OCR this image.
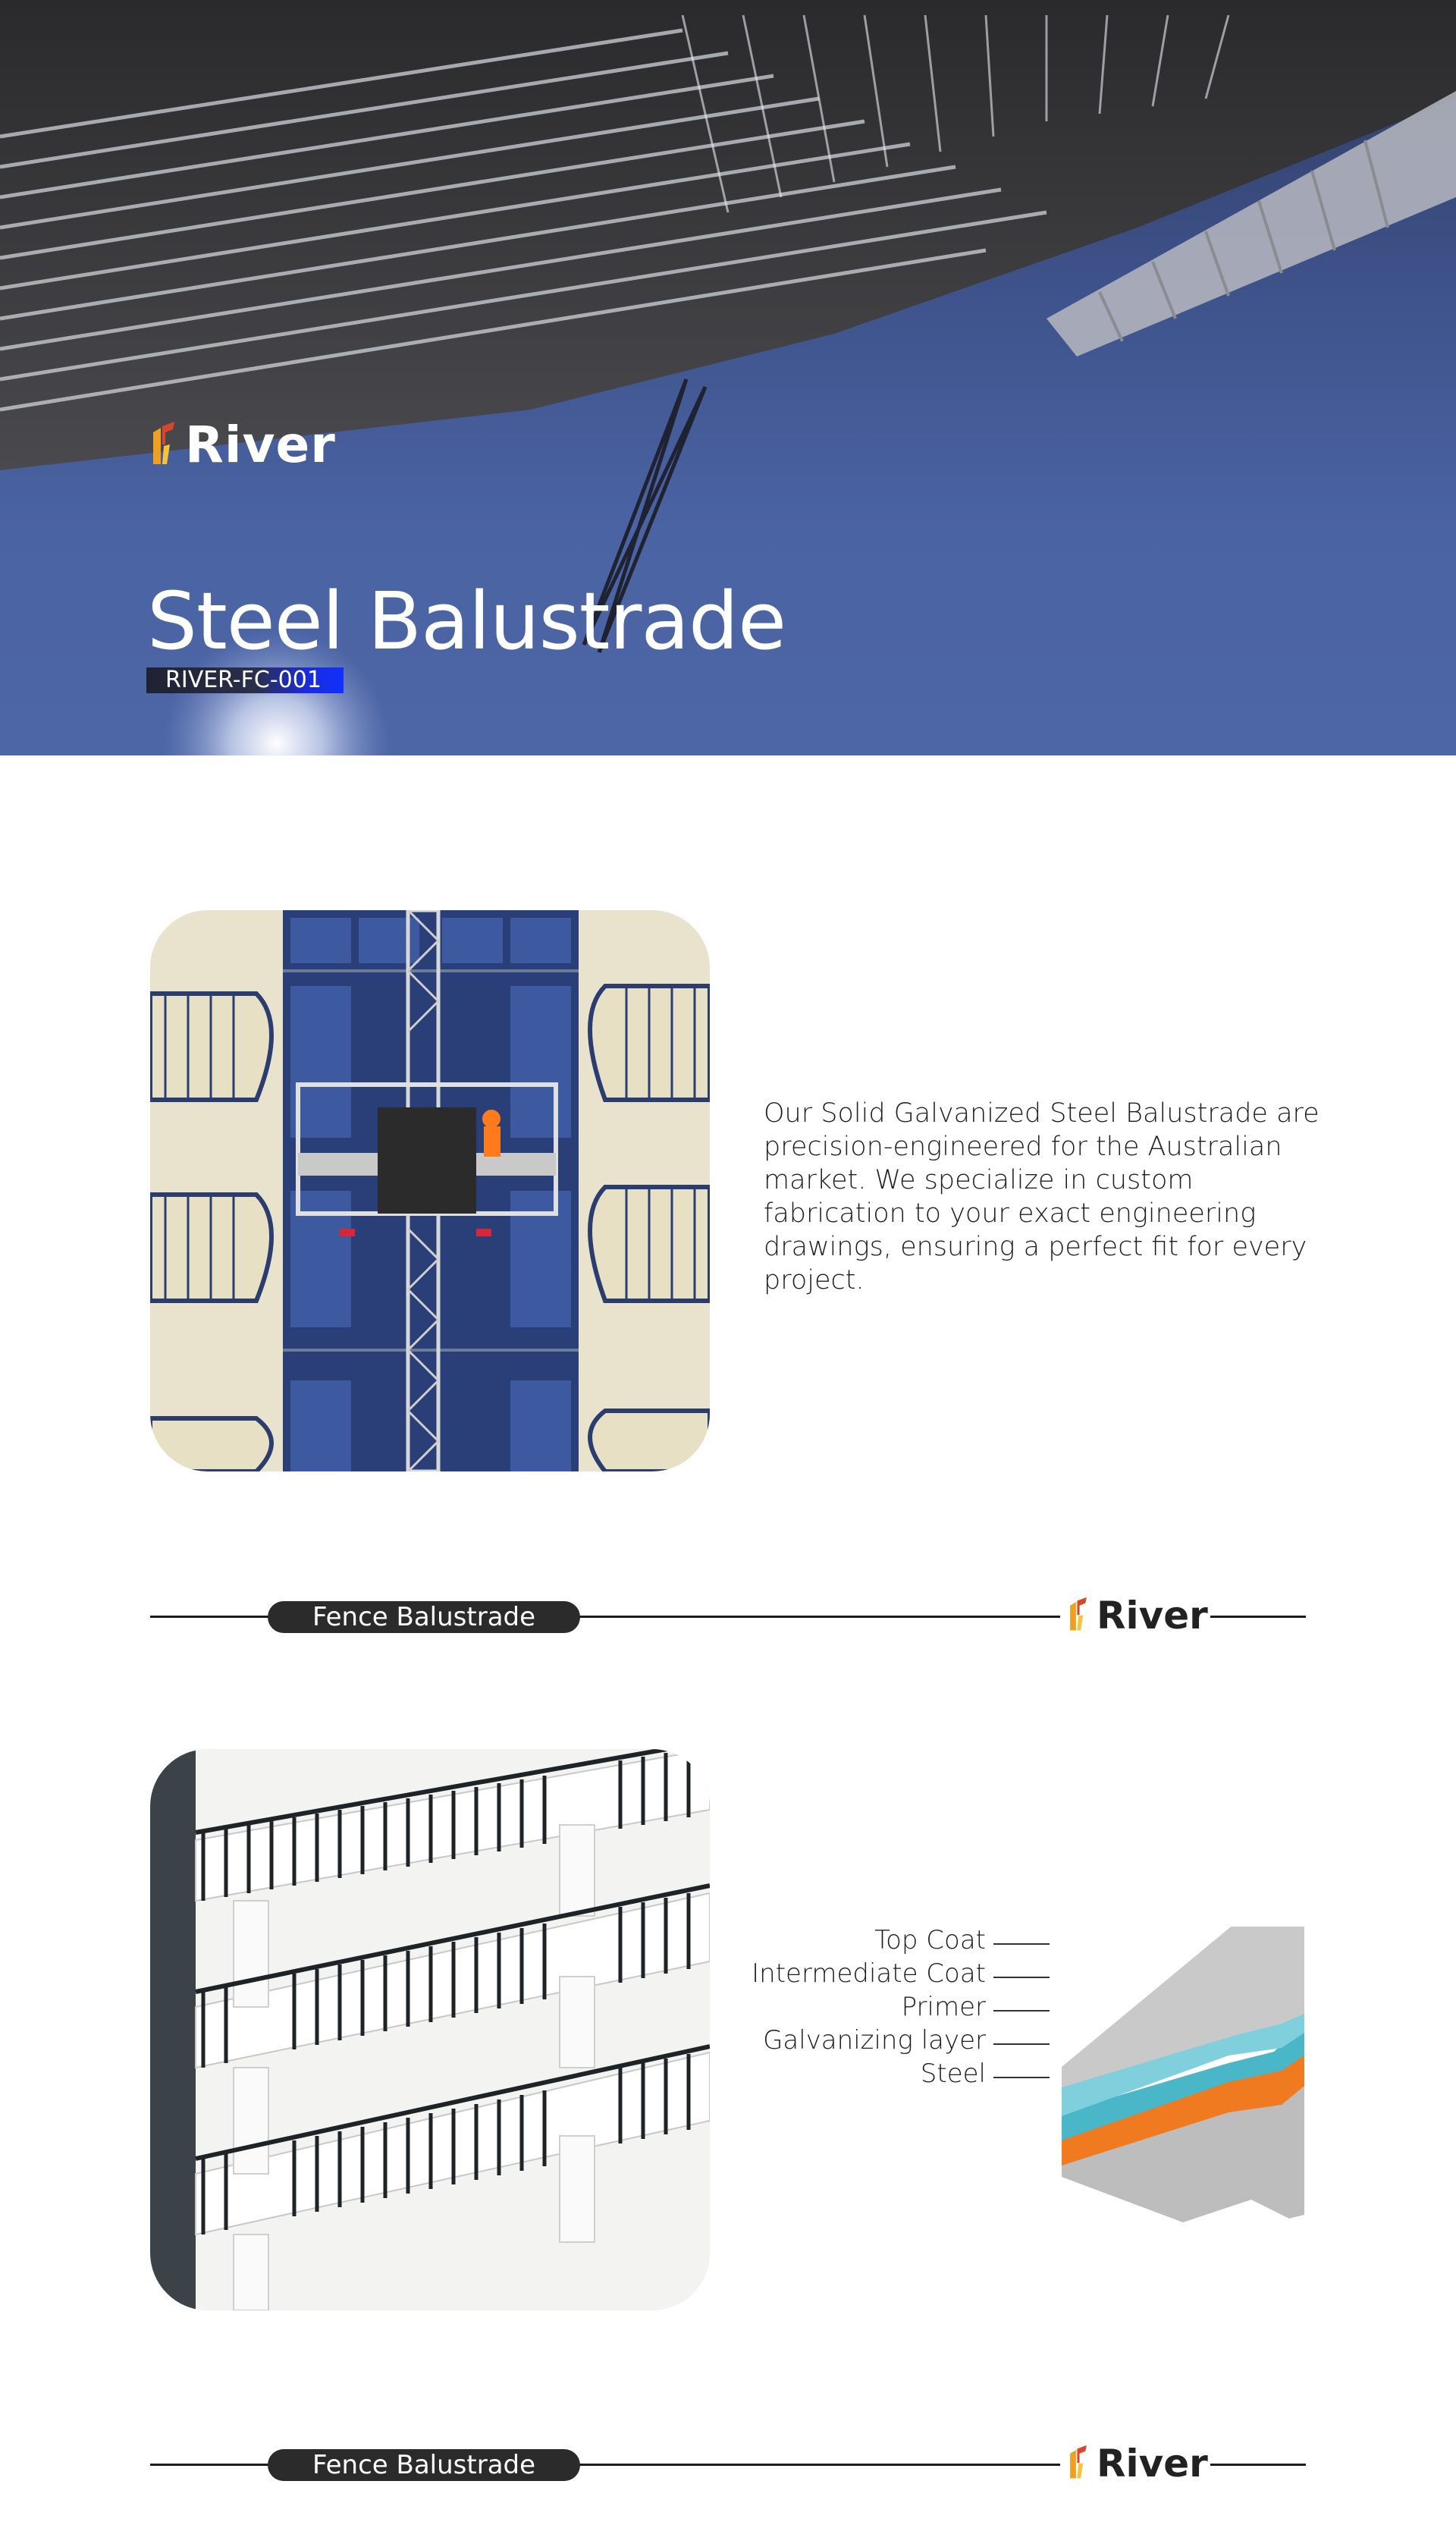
River
Steel Balustrade
RIVER-FC-001

Our Solid Galvanized Steel Balustrade are precision-engineered for the Australian market. We specialize in custom fabrication to your exact engineering drawings, ensuring a perfect fit for every project.

Fence Balustrade	River
Top Coat
Intermediate Coat
Primer
Galvanizing layer
Steel
Fence Balustrade	River
